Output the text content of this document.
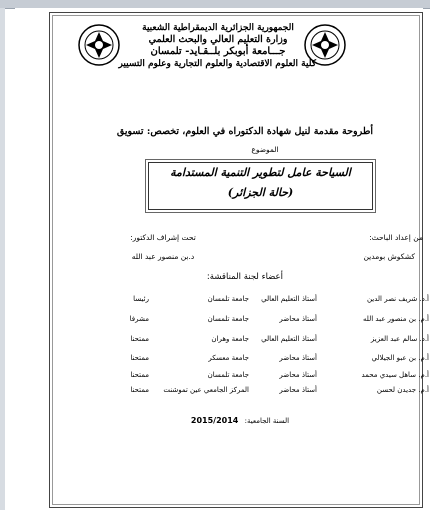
الجمهورية الجزائرية الديمقراطية الشعبية
وزارة التعليم العالي والبحث العلمي
جـــامعة أبوبكر بلــقـايد- تلمسان
كلية العلوم الاقتصادية والعلوم التجارية وعلوم التسيير
أطروحة مقدمة لنيل شهادة الدكتوراه في العلوم، تخصص: تسويق
الموضوع
السياحة عامل لتطوير التنمية المستدامة
(حالة الجزائر)
من إعداد الباحث:
تحت إشراف الدكتور:
كشكوش بومدين
د.بن منصور عبد الله
أعضاء لجنة المناقشة:
أ.د. شريف نصر الدين
أستاذ التعليم العالي
جامعة تلمسان
رئيسا
أ.م. بن منصور عبد الله
أستاذ محاضر
جامعة تلمسان
مشرفا
أ.د. سالم عبد العزيز
أستاذ التعليم العالي
جامعة وهران
ممتحنا
أ.م. بن عبو الجيلالي
أستاذ محاضر
جامعة معسكر
ممتحنا
أ.م. ساهل سيدي محمد
أستاذ محاضر
جامعة تلمسان
ممتحنا
أ.م. جديدن لحسن
أستاذ محاضر
المركز الجامعي عين تموشنت
ممتحنا
السنة الجامعية: 2015/2014
